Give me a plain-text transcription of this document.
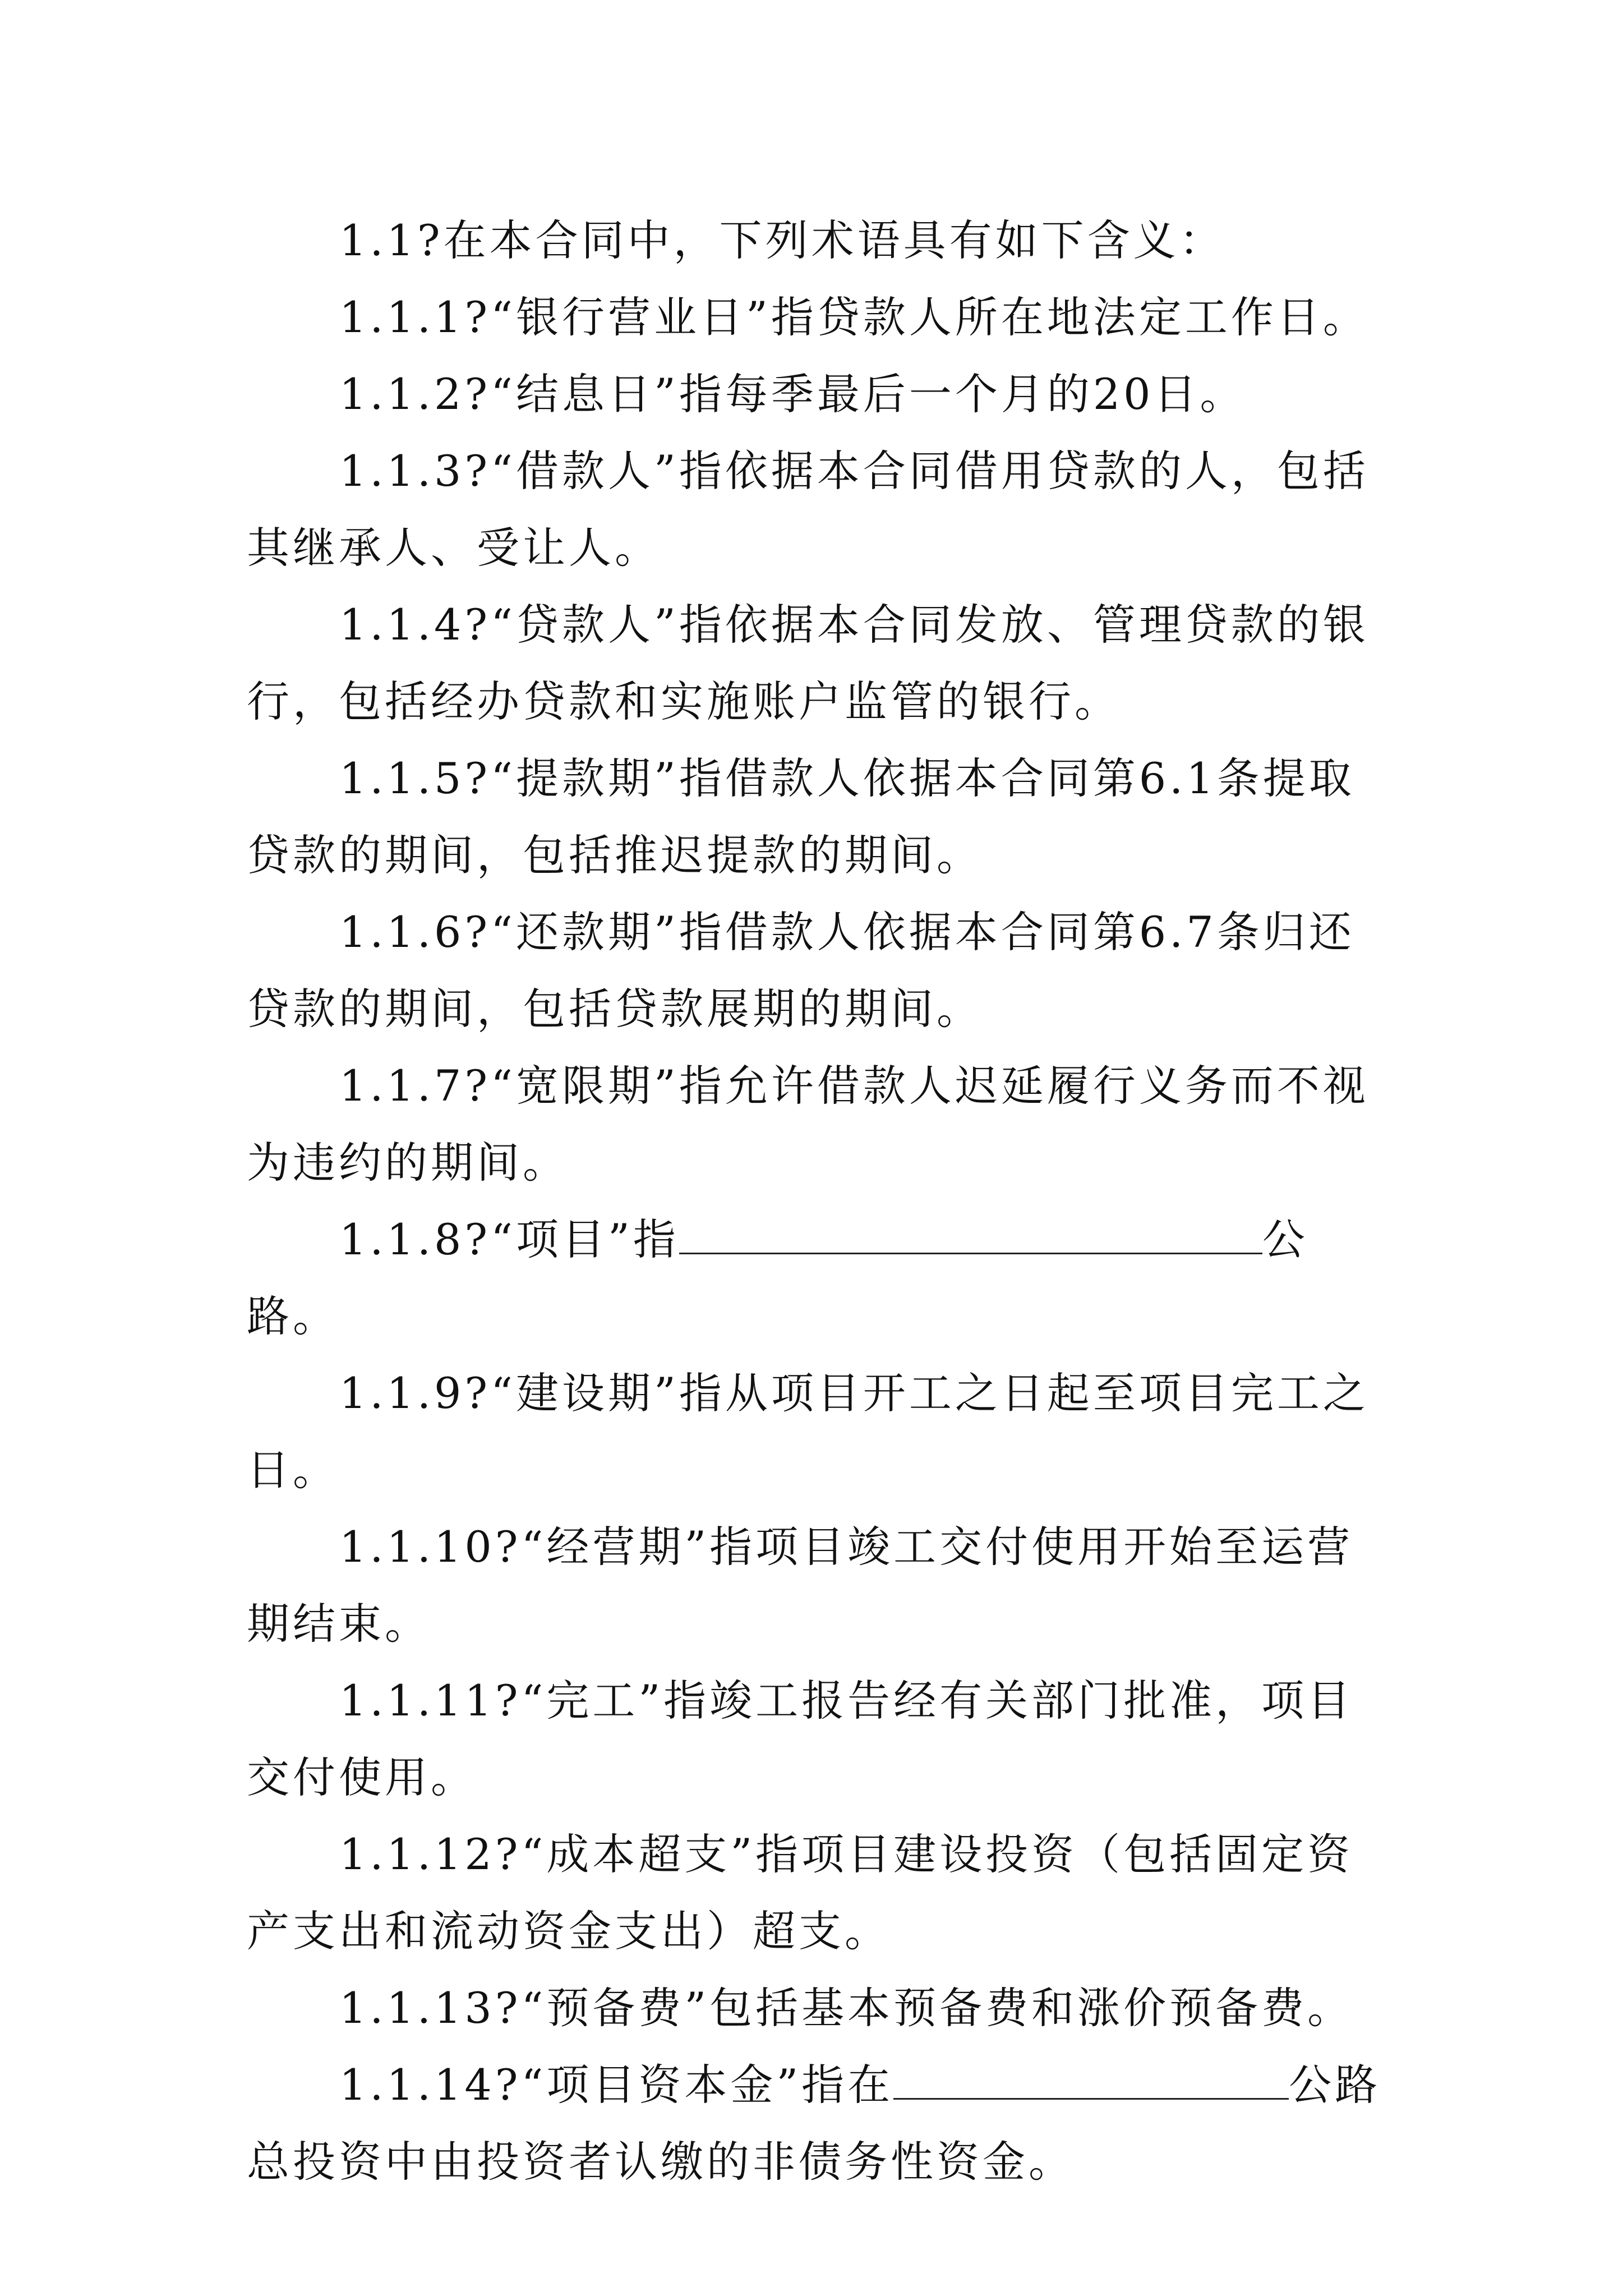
1.1?在本合同中，下列术语具有如下含义：

1.1.1?“银行营业日”指贷款人所在地法定工作日。

1.1.2?“结息日”指每季最后一个月的20日。

1.1.3?“借款人”指依据本合同借用贷款的人，包括其继承人、受让人。

1.1.4?“贷款人”指依据本合同发放、管理贷款的银行，包括经办贷款和实施账户监管的银行。

1.1.5?“提款期”指借款人依据本合同第6.1条提取贷款的期间，包括推迟提款的期间。

1.1.6?“还款期”指借款人依据本合同第6.7条归还贷款的期间，包括贷款展期的期间。

1.1.7?“宽限期”指允许借款人迟延履行义务而不视为违约的期间。

1.1.8?“项目”指	公路。

1.1.9?“建设期”指从项目开工之日起至项目完工之日。

1.1.10?“经营期”指项目竣工交付使用开始至运营期结束。

1.1.11?“完工”指竣工报告经有关部门批准，项目交付使用。

1.1.12?“成本超支”指项目建设投资（包括固定资产支出和流动资金支出）超支。

1.1.13?“预备费”包括基本预备费和涨价预备费。

1.1.14?“项目资本金”指在	公路总投资中由投资者认缴的非债务性资金。
